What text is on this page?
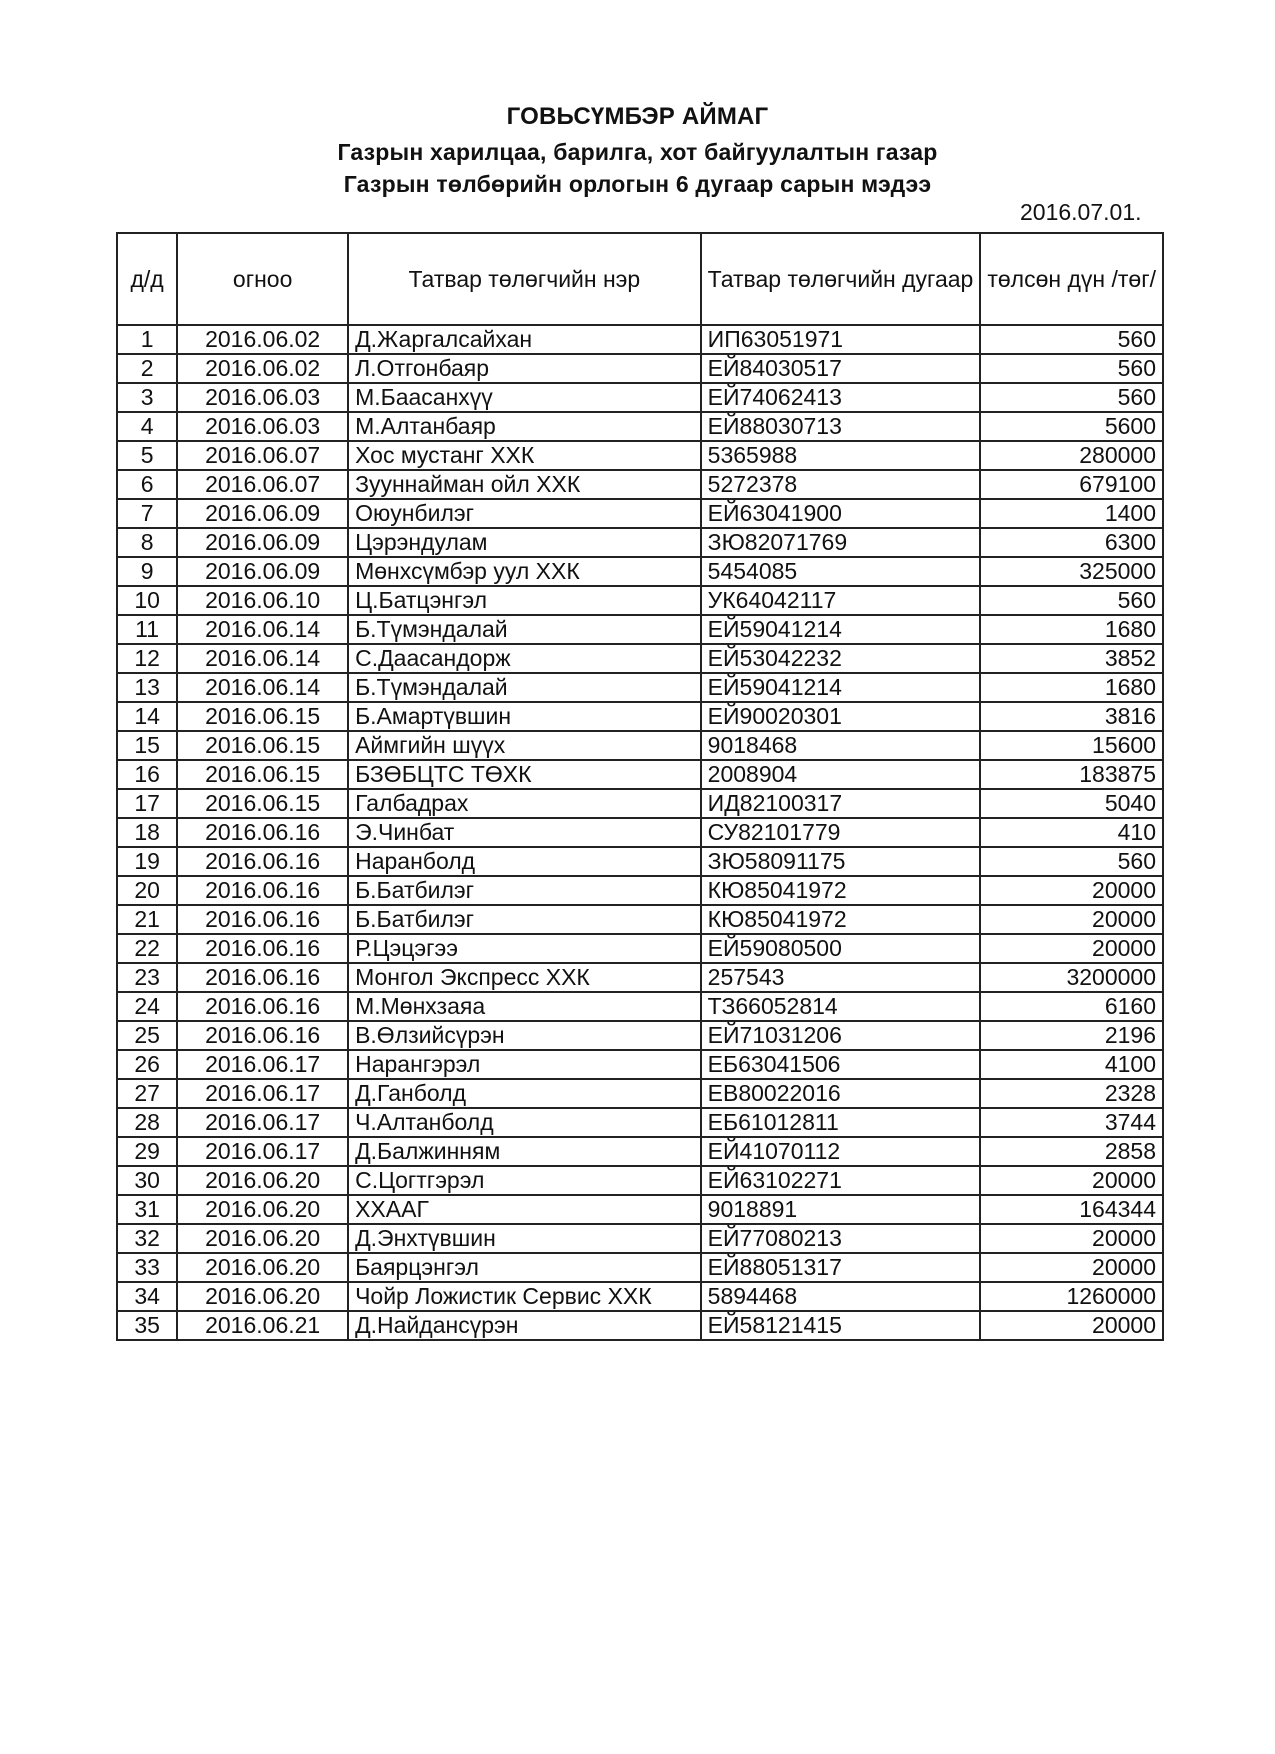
ГОВЬСҮМБЭР АЙМАГ
Газрын харилцаа, барилга, хот байгуулалтын газар
Газрын төлбөрийн орлогын 6 дугаар сарын мэдээ
2016.07.01.
д/д	огноо	Татвар төлөгчийн нэр	Татвар төлөгчийн дугаар	төлсөн дүн /төг/
1	2016.06.02	Д.Жаргалсайхан	ИП63051971	560
2	2016.06.02	Л.Отгонбаяр	ЕЙ84030517	560
3	2016.06.03	М.Баасанхүү	ЕЙ74062413	560
4	2016.06.03	М.Алтанбаяр	ЕЙ88030713	5600
5	2016.06.07	Хос мустанг ХХК	5365988	280000
6	2016.06.07	Зууннайман ойл ХХК	5272378	679100
7	2016.06.09	Оюунбилэг	ЕЙ63041900	1400
8	2016.06.09	Цэрэндулам	ЗЮ82071769	6300
9	2016.06.09	Мөнхсүмбэр уул ХХК	5454085	325000
10	2016.06.10	Ц.Батцэнгэл	УК64042117	560
11	2016.06.14	Б.Түмэндалай	ЕЙ59041214	1680
12	2016.06.14	С.Даасандорж	ЕЙ53042232	3852
13	2016.06.14	Б.Түмэндалай	ЕЙ59041214	1680
14	2016.06.15	Б.Амартүвшин	ЕЙ90020301	3816
15	2016.06.15	Аймгийн шүүх	9018468	15600
16	2016.06.15	БЗӨБЦТС ТӨХК	2008904	183875
17	2016.06.15	Галбадрах	ИД82100317	5040
18	2016.06.16	Э.Чинбат	СУ82101779	410
19	2016.06.16	Наранболд	ЗЮ58091175	560
20	2016.06.16	Б.Батбилэг	КЮ85041972	20000
21	2016.06.16	Б.Батбилэг	КЮ85041972	20000
22	2016.06.16	Р.Цэцэгээ	ЕЙ59080500	20000
23	2016.06.16	Монгол Экспресс ХХК	257543	3200000
24	2016.06.16	М.Мөнхзаяа	ТЗ66052814	6160
25	2016.06.16	В.Өлзийсүрэн	ЕЙ71031206	2196
26	2016.06.17	Нарангэрэл	ЕБ63041506	4100
27	2016.06.17	Д.Ганболд	ЕВ80022016	2328
28	2016.06.17	Ч.Алтанболд	ЕБ61012811	3744
29	2016.06.17	Д.Балжинням	ЕЙ41070112	2858
30	2016.06.20	С.Цогтгэрэл	ЕЙ63102271	20000
31	2016.06.20	ХХААГ	9018891	164344
32	2016.06.20	Д.Энхтүвшин	ЕЙ77080213	20000
33	2016.06.20	Баярцэнгэл	ЕЙ88051317	20000
34	2016.06.20	Чойр Ложистик Сервис ХХК	5894468	1260000
35	2016.06.21	Д.Найдансүрэн	ЕЙ58121415	20000
